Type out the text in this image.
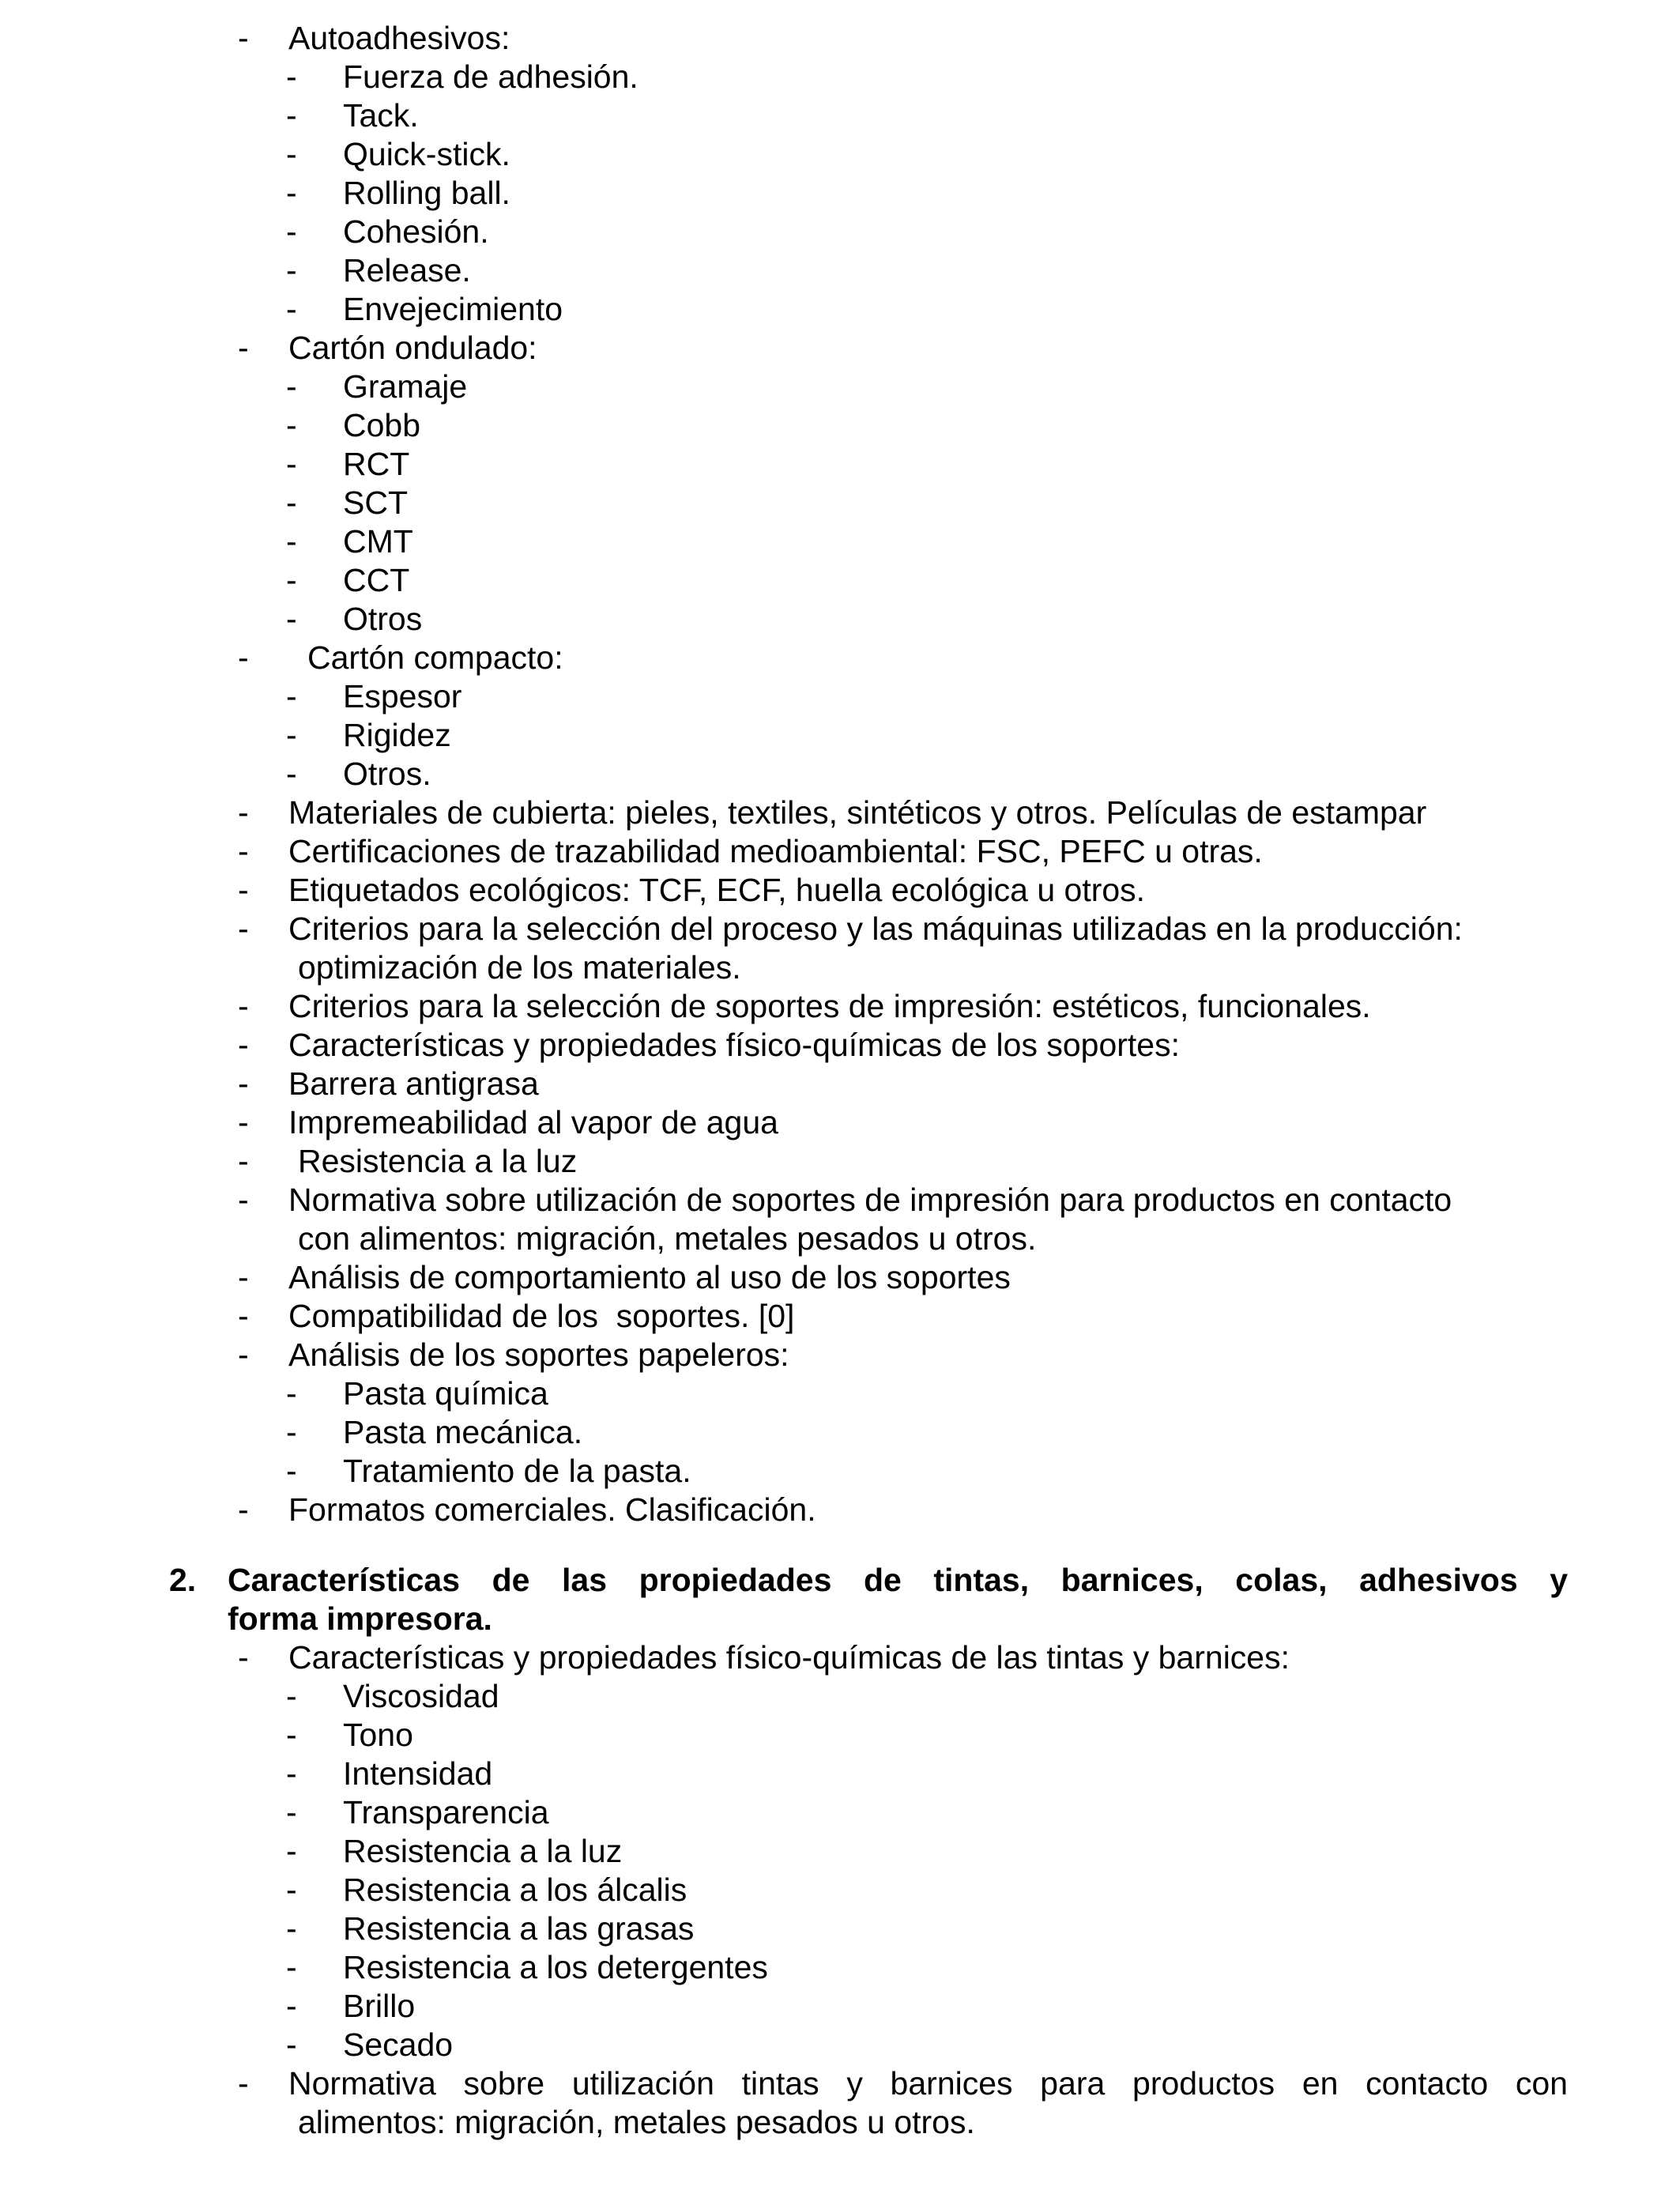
- Autoadhesivos:
- Fuerza de adhesión.
- Tack.
- Quick-stick.
- Rolling ball.
- Cohesión.
- Release.
- Envejecimiento
- Cartón ondulado:
- Gramaje
- Cobb
- RCT
- SCT
- CMT
- CCT
- Otros
- Cartón compacto:
- Espesor
- Rigidez
- Otros.
- Materiales de cubierta: pieles, textiles, sintéticos y otros. Películas de estampar
- Certificaciones de trazabilidad medioambiental: FSC, PEFC u otras.
- Etiquetados ecológicos: TCF, ECF, huella ecológica u otros.
- Criterios para la selección del proceso y las máquinas utilizadas en la producción:
optimización de los materiales.
- Criterios para la selección de soportes de impresión: estéticos, funcionales.
- Características y propiedades físico-químicas de los soportes:
- Barrera antigrasa
- Impremeabilidad al vapor de agua
- Resistencia a la luz
- Normativa sobre utilización de soportes de impresión para productos en contacto
con alimentos: migración, metales pesados u otros.
- Análisis de comportamiento al uso de los soportes
- Compatibilidad de los  soportes. [0]
- Análisis de los soportes papeleros:
- Pasta química
- Pasta mecánica.
- Tratamiento de la pasta.
- Formatos comerciales. Clasificación.
2. Características de las propiedades de tintas, barnices, colas, adhesivos y
forma impresora.
- Características y propiedades físico-químicas de las tintas y barnices:
- Viscosidad
- Tono
- Intensidad
- Transparencia
- Resistencia a la luz
- Resistencia a los álcalis
- Resistencia a las grasas
- Resistencia a los detergentes
- Brillo
- Secado
- Normativa sobre utilización tintas y barnices para productos en contacto con
alimentos: migración, metales pesados u otros.
